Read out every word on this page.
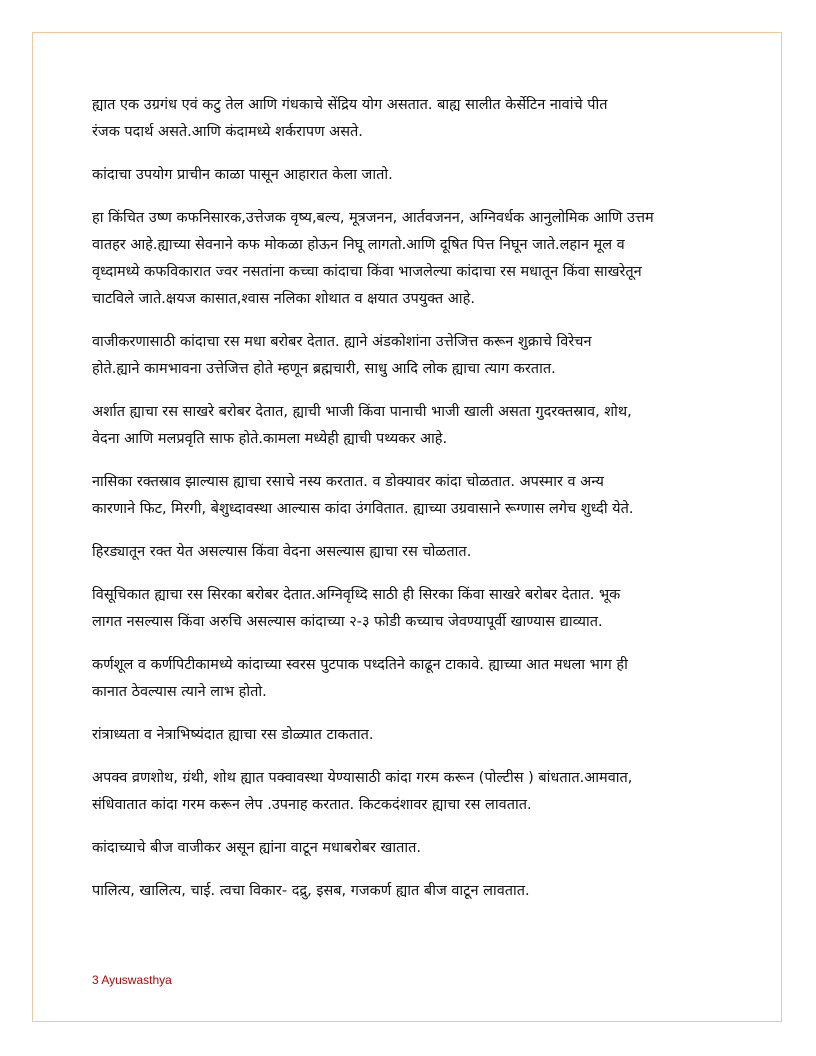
ह्यात एक उग्रगंध एवं कटु तेल आणि गंधकाचे सेंद्रिय योग असतात. बाह्य सालीत केर्सेटिन नावांचे पीत
रंजक पदार्थ असते.आणि कंदामध्ये शर्करापण असते.

कांदाचा उपयोग प्राचीन काळा पासून आहारात केला जातो.

हा किंचित उष्ण कफनिसारक,उत्तेजक वृष्य,बल्य, मूत्रजनन, आर्तवजनन, अग्निवर्धक आनुलोमिक आणि उत्तम
वातहर आहे.ह्याच्या सेवनाने कफ मोकळा होऊन निघू लागतो.आणि दूषित पित्त निघून जाते.लहान मूल व
वृध्दामध्ये कफविकारात ज्वर नसतांना कच्चा कांदाचा किंवा भाजलेल्या कांदाचा रस मधातून किंवा साखरेतून
चाटविले जाते.क्षयज कासात,श्वास नलिका शोथात व क्षयात उपयुक्त आहे.

वाजीकरणासाठी कांदाचा रस मधा बरोबर देतात. ह्याने अंडकोशांना उत्तेजित्त करून शुक्राचे विरेचन
होते.ह्याने कामभावना उत्तेजित्त होते म्हणून ब्रह्मचारी, साधु आदि लोक ह्याचा त्याग करतात.

अर्शात ह्याचा रस साखरे बरोबर देतात, ह्याची भाजी किंवा पानाची भाजी खाली असता गुदरक्तस्राव, शोथ,
वेदना आणि मलप्रवृति साफ होते.कामला मध्येही ह्याची पथ्यकर आहे.

नासिका रक्तस्राव झाल्यास ह्याचा रसाचे नस्य करतात. व डोक्यावर कांदा चोळतात. अपस्मार व अन्य
कारणाने फिट, मिरगी, बेशुध्दावस्था आल्यास कांदा उंगवितात. ह्याच्या उग्रवासाने रूग्णास लगेच शुध्दी येते.

हिरड्यातून रक्त येत असल्यास किंवा वेदना असल्यास ह्याचा रस चोळतात.

विसूचिकात ह्याचा रस सिरका बरोबर देतात.अग्निवृध्दि साठी ही सिरका किंवा साखरे बरोबर देतात. भूक
लागत नसल्यास किंवा अरुचि असल्यास कांदाच्या २-३ फोडी कच्याच जेवण्यापूर्वी खाण्यास द्याव्यात.

कर्णशूल व कर्णपिटीकामध्ये कांदाच्या स्वरस पुटपाक पध्दतिने काढून टाकावे. ह्याच्या आत मधला भाग ही
कानात ठेवल्यास त्याने लाभ होतो.

रांत्राध्यता व नेत्राभिष्यंदात ह्याचा रस डोळ्यात टाकतात.

अपक्व व्रणशोथ, ग्रंथी, शोथ ह्यात पक्वावस्था येण्यासाठी कांदा गरम करून (पोल्टीस ) बांधतात.आमवात,
संधिवातात कांदा गरम करून लेप .उपनाह करतात. किटकदंशावर ह्याचा रस लावतात.

कांदाच्याचे बीज वाजीकर असून ह्यांना वाटून मधाबरोबर खातात.

पालित्य, खालित्य, चाई. त्वचा विकार- दद्रु, इसब, गजकर्ण ह्यात बीज वाटून लावतात.

3 Ayuswasthya
